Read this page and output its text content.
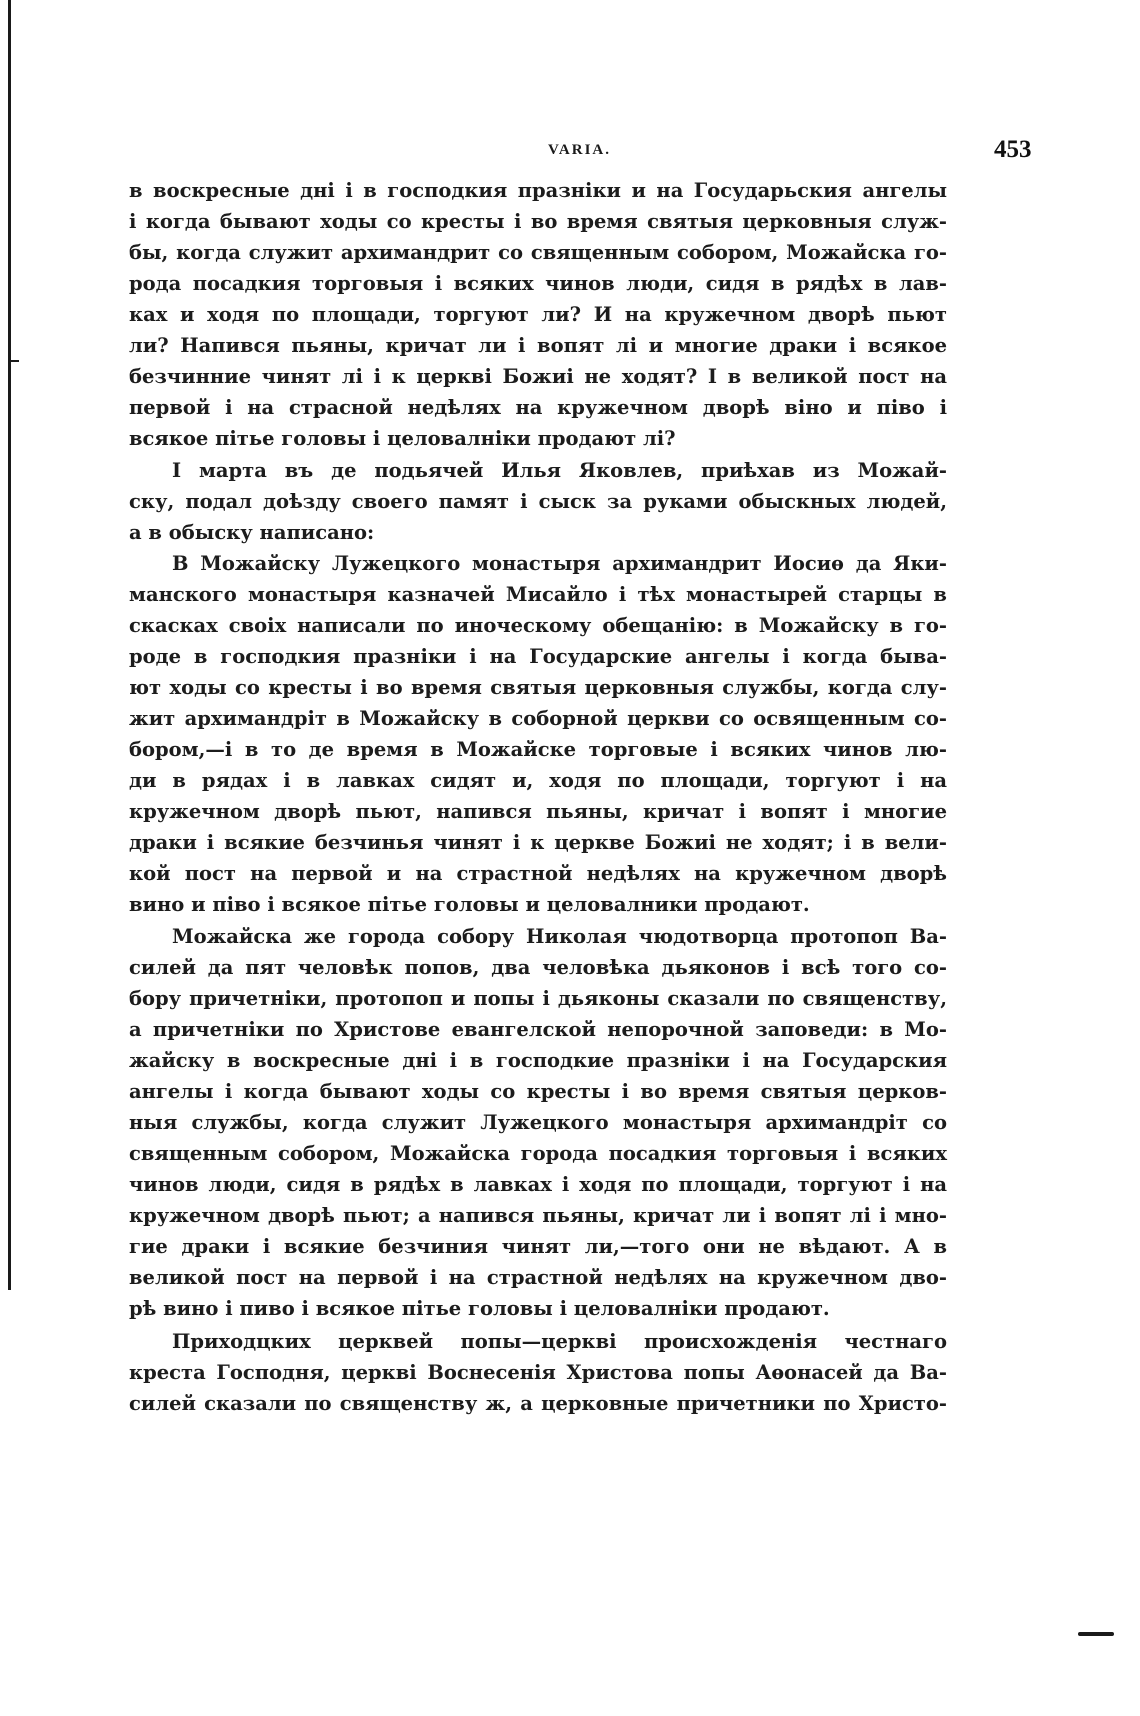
VARIA.	453

в воскресные днi i в господкия празнiки и на Государьския ангелы

i когда бывают ходы со кресты i во время святыя церковныя служ-

бы, когда служит архимандрит со священным собором, Можайска го-

рода посадкия торговыя i всяких чинов люди, сидя в рядѣх в лав-

ках и ходя по площади, торгуют ли? И на кружечном дворѣ пьют

ли? Напився пьяны, кричат ли i вопят лi и многие драки i всякое

безчинние чинят лi i к церквi Божиi не ходят? I в великой пост на

первой i на страсной недѣлях на кружечном дворѣ вiно и пiво i

всякое пiтье головы i целовалнiки продают лi?

I марта въ де подьячей Илья Яковлев, приѣхав из Можай-

ску, подал доѣзду своего памят i сыск за руками обыскных людей,

а в обыску написано:

В Можайску Лужецкого монастыря архимандрит Иосиѳ да Яки-

манского монастыря казначей Мисайло i тѣх монастырей старцы в

скасках своiх написали по иноческому обещанiю: в Можайску в го-

роде в господкия празнiки i на Государские ангелы i когда быва-

ют ходы со кресты i во время святыя церковныя службы, когда слу-

жит архимандрiт в Можайску в соборной церкви со освященным со-

бором,—i в то де время в Можайске торговые i всяких чинов лю-

ди в рядах i в лавках сидят и, ходя по площади, торгуют i на

кружечном дворѣ пьют, напився пьяны, кричат i вопят i многие

драки i всякие безчинья чинят i к церкве Божиi не ходят; i в вели-

кой пост на первой и на страстной недѣлях на кружечном дворѣ

вино и пiво i всякое пiтье головы и целовалники продают.

Можайска же города собору Николая чюдотворца протопоп Ва-

силей да пят человѣк попов, два человѣка дьяконов i всѣ того со-

бору причетнiки, протопоп и попы i дьяконы сказали по священству,

а причетнiки по Христове евангелской непорочной заповеди: в Мо-

жайску в воскресные днi i в господкие празнiки i на Государския

ангелы i когда бывают ходы со кресты i во время святыя церков-

ныя службы, когда служит Лужецкого монастыря архимандрiт со

священным собором, Можайска города посадкия торговыя i всяких

чинов люди, сидя в рядѣх в лавках i ходя по площади, торгуют i на

кружечном дворѣ пьют; а напився пьяны, кричат ли i вопят лi i мно-

гие драки i всякие безчиния чинят ли,—того они не вѣдают. А в

великой пост на первой i на страстной недѣлях на кружечном дво-

рѣ вино i пиво i всякое пiтье головы i целовалнiки продают.

Приходцких церквей попы—церквi происхожденiя честнаго

креста Господня, церквi Воснесенiя Христова попы Аѳонасей да Ва-

силей сказали по священству ж, а церковные причетники по Христо-
